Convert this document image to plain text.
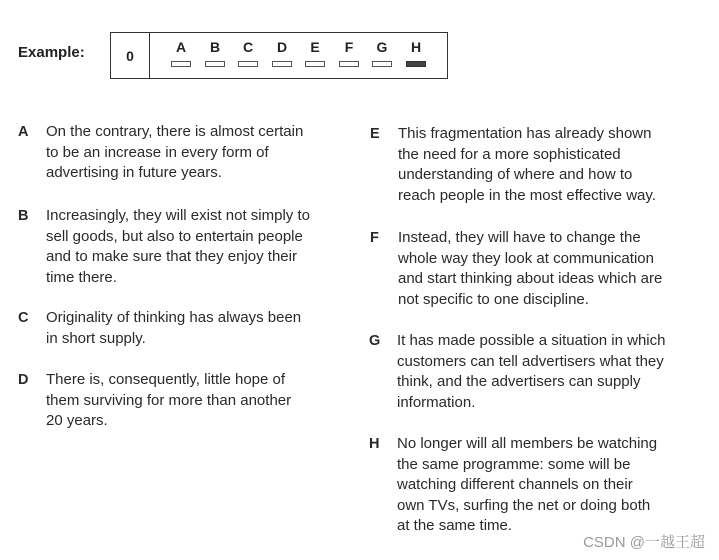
Example:	0
A	B	C	D	E	F	G	H
A	On the contrary, there is almost certain
to be an increase in every form of
advertising in future years.
B	Increasingly, they will exist not simply to
sell goods, but also to entertain people
and to make sure that they enjoy their
time there.
C	Originality of thinking has always been
in short supply.
D	There is, consequently, little hope of
them surviving for more than another
20 years.
E	This fragmentation has already shown
the need for a more sophisticated
understanding of where and how to
reach people in the most effective way.
F	Instead, they will have to change the
whole way they look at communication
and start thinking about ideas which are
not specific to one discipline.
G	It has made possible a situation in which
customers can tell advertisers what they
think, and the advertisers can supply
information.
H	No longer will all members be watching
the same programme: some will be
watching different channels on their
own TVs, surfing the net or doing both
at the same time.
CSDN @一越王超
